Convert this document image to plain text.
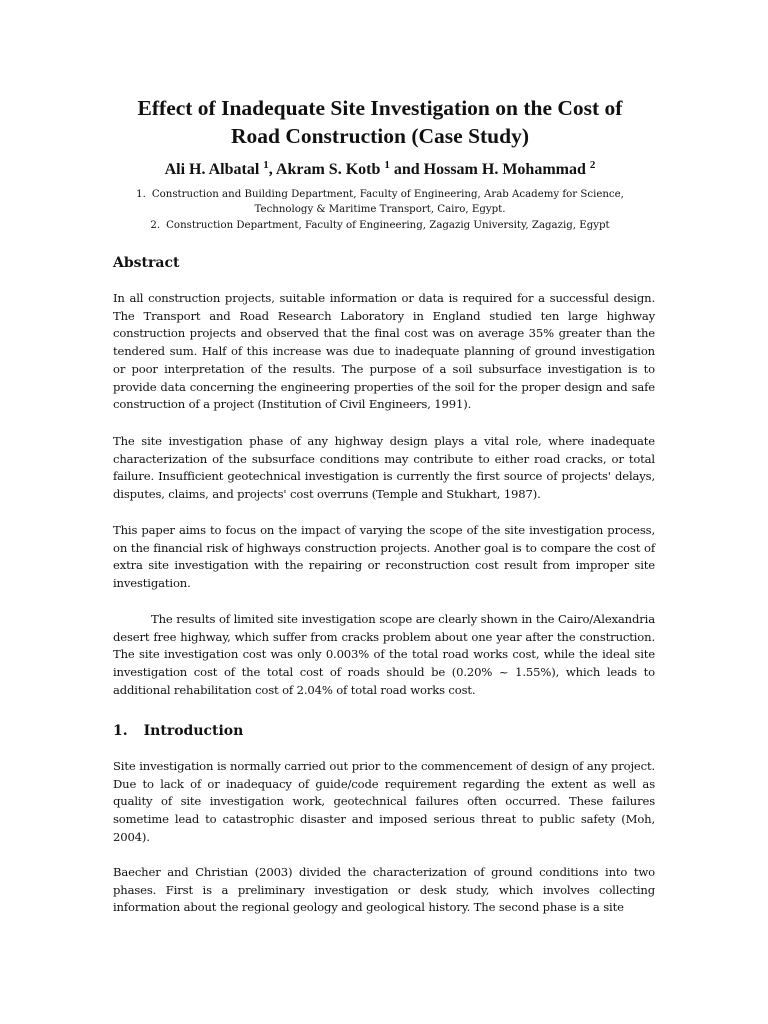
Effect of Inadequate Site Investigation on the Cost of
Road Construction (Case Study)

Ali H. Albatal $^1$, Akram S. Kotb $^1$ and Hossam H. Mohammad $^2$

1. Construction and Building Department, Faculty of Engineering, Arab Academy for Science,
Technology & Maritime Transport, Cairo, Egypt.

2. Construction Department, Faculty of Engineering, Zagazig University, Zagazig, Egypt

Abstract

In all construction projects, suitable information or data is required for a successful design. The Transport and Road Research Laboratory in England studied ten large highway construction projects and observed that the final cost was on average 35% greater than the tendered sum. Half of this increase was due to inadequate planning of ground investigation or poor interpretation of the results. The purpose of a soil subsurface investigation is to provide data concerning the engineering properties of the soil for the proper design and safe construction of a project (Institution of Civil Engineers, 1991).

The site investigation phase of any highway design plays a vital role, where inadequate characterization of the subsurface conditions may contribute to either road cracks, or total failure. Insufficient geotechnical investigation is currently the first source of projects' delays, disputes, claims, and projects' cost overruns (Temple and Stukhart, 1987).

This paper aims to focus on the impact of varying the scope of the site investigation process, on the financial risk of highways construction projects. Another goal is to compare the cost of extra site investigation with the repairing or reconstruction cost result from improper site investigation.

The results of limited site investigation scope are clearly shown in the Cairo/Alexandria desert free highway, which suffer from cracks problem about one year after the construction. The site investigation cost was only 0.003% of the total road works cost, while the ideal site investigation cost of the total cost of roads should be (0.20% ~ 1.55%), which leads to additional rehabilitation cost of 2.04% of total road works cost.

1. Introduction

Site investigation is normally carried out prior to the commencement of design of any project. Due to lack of or inadequacy of guide/code requirement regarding the extent as well as quality of site investigation work, geotechnical failures often occurred. These failures sometime lead to catastrophic disaster and imposed serious threat to public safety (Moh, 2004).

Baecher and Christian (2003) divided the characterization of ground conditions into two phases. First is a preliminary investigation or desk study, which involves collecting information about the regional geology and geological history. The second phase is a site
